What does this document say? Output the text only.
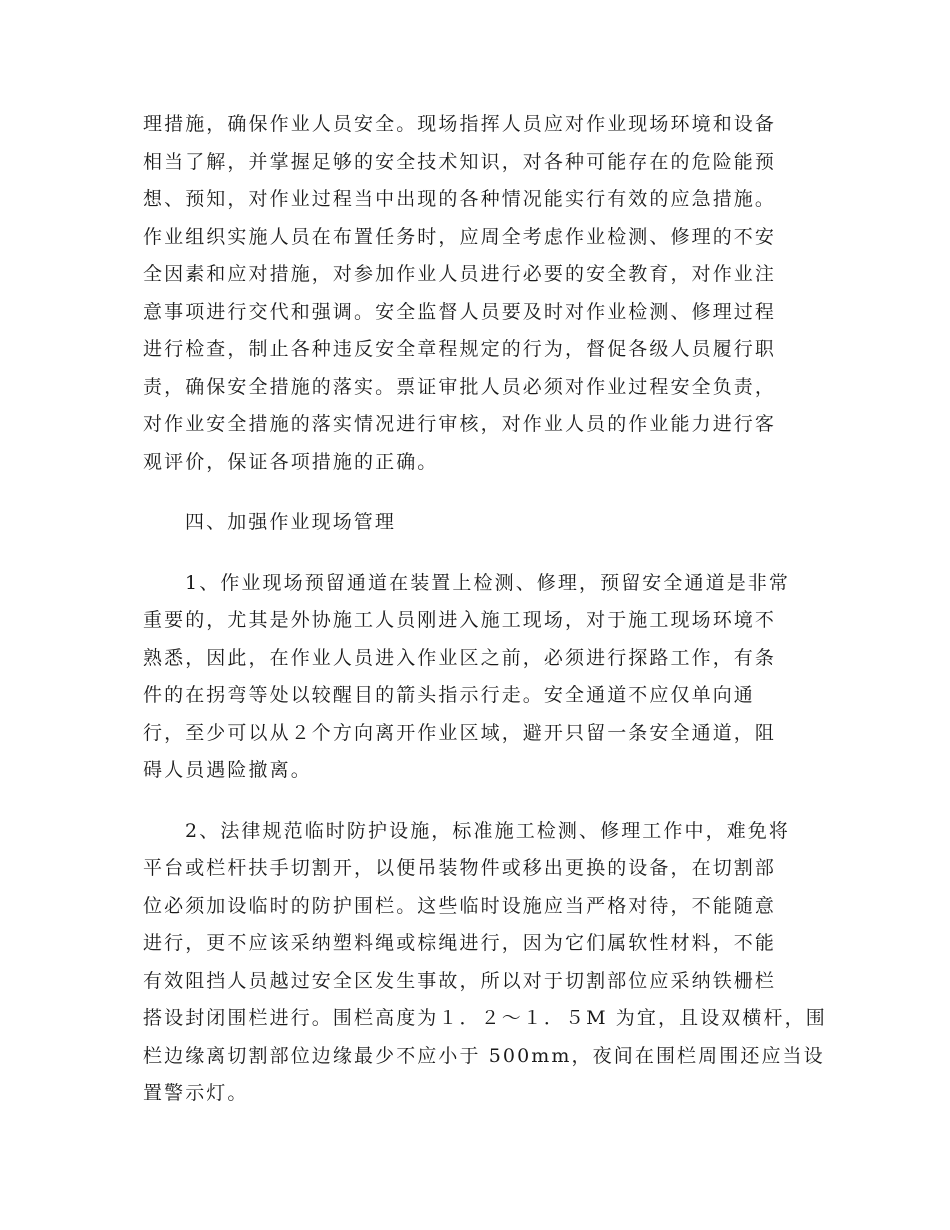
理措施，确保作业人员安全。现场指挥人员应对作业现场环境和设备
相当了解，并掌握足够的安全技术知识，对各种可能存在的危险能预
想、预知，对作业过程当中出现的各种情况能实行有效的应急措施。
作业组织实施人员在布置任务时，应周全考虑作业检测、修理的不安
全因素和应对措施，对参加作业人员进行必要的安全教育，对作业注
意事项进行交代和强调。安全监督人员要及时对作业检测、修理过程
进行检查，制止各种违反安全章程规定的行为，督促各级人员履行职
责，确保安全措施的落实。票证审批人员必须对作业过程安全负责，
对作业安全措施的落实情况进行审核，对作业人员的作业能力进行客
观评价，保证各项措施的正确。
四、加强作业现场管理
1、作业现场预留通道在装置上检测、修理，预留安全通道是非常
重要的，尤其是外协施工人员刚进入施工现场，对于施工现场环境不
熟悉，因此，在作业人员进入作业区之前，必须进行探路工作，有条
件的在拐弯等处以较醒目的箭头指示行走。安全通道不应仅单向通
行，至少可以从２个方向离开作业区域，避开只留一条安全通道，阻
碍人员遇险撤离。
2、法律规范临时防护设施，标准施工检测、修理工作中，难免将
平台或栏杆扶手切割开，以便吊装物件或移出更换的设备，在切割部
位必须加设临时的防护围栏。这些临时设施应当严格对待，不能随意
进行，更不应该采纳塑料绳或棕绳进行，因为它们属软性材料，不能
有效阻挡人员越过安全区发生事故，所以对于切割部位应采纳铁栅栏
搭设封闭围栏进行。围栏高度为１．２～１．５M 为宜，且设双横杆，围
栏边缘离切割部位边缘最少不应小于 500mm，夜间在围栏周围还应当设
置警示灯。
